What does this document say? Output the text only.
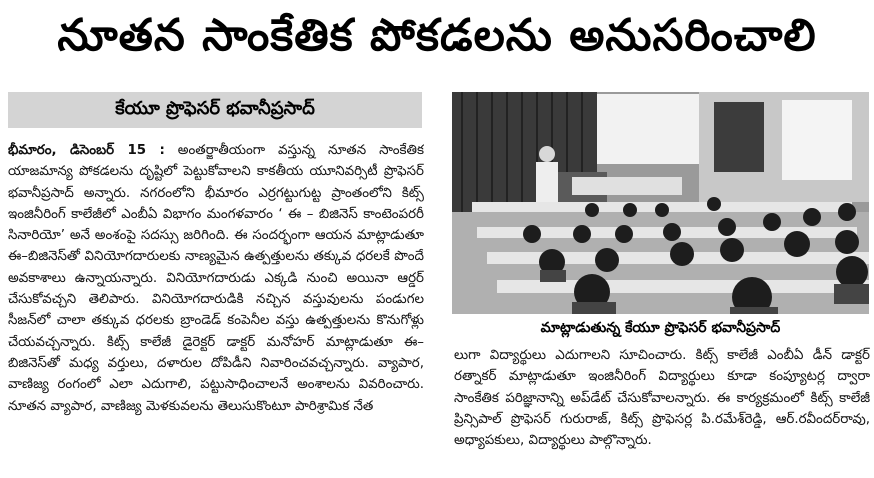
నూతన సాంకేతిక పోకడలను అనుసరించాలి
కేయూ ప్రొఫెసర్ భవానీప్రసాద్

భీమారం, డిసెంబర్ 15 : అంతర్జాతీయంగా వస్తున్న నూతన సాంకేతిక యాజమాన్య పోకడలను దృష్టిలో పెట్టుకోవాలని కాకతీయ యూనివర్సిటీ ప్రొఫెసర్ భవానీప్రసాద్ అన్నారు. నగరంలోని భీమారం ఎర్రగట్టుగుట్ట ప్రాంతంలోని కిట్స్ ఇంజినీరింగ్ కాలేజీలో ఎంబీఏ విభాగం మంగళవారం ‘ ఈ – బిజినెస్ కాంటెంపరరీ సినారియో’ అనే అంశంపై సదస్సు జరిగింది. ఈ సందర్భంగా ఆయన మాట్లాడుతూ ఈ–బిజినెస్‌తో వినియోగదారులకు నాణ్యమైన ఉత్పత్తులను తక్కువ ధరలకే పొందే అవకాశాలు ఉన్నాయన్నారు. వినియోగదారుడు ఎక్కడి నుంచి అయినా ఆర్డర్ చేసుకోవచ్చని తెలిపారు. వినియోగదారుడికి నచ్చిన వస్తువులను పండుగల సీజన్‌లో చాలా తక్కువ ధరలకు బ్రాండెడ్ కంపెనీల వస్తు ఉత్పత్తులను కొనుగోళ్లు చేయవచ్చన్నారు. కిట్స్ కాలేజీ డైరెక్టర్ డాక్టర్ మనోహర్ మాట్లాడుతూ ఈ– బిజినెస్‌తో మధ్య వర్తులు, దళారుల దోపిడీని నివారించవచ్చన్నారు. వ్యాపార, వాణిజ్య రంగంలో ఎలా ఎదుగాలి, పట్టుసాధించాలనే అంశాలను వివరించారు. నూతన వ్యాపార, వాణిజ్య మెళకువలను తెలుసుకొంటూ పారిశ్రామిక నేత

మాట్లాడుతున్న కేయూ ప్రొఫెసర్ భవానీప్రసాద్

లుగా విద్యార్థులు ఎదుగాలని సూచించారు. కిట్స్ కాలేజీ ఎంబీఏ డీన్ డాక్టర్ రత్నాకర్ మాట్లాడుతూ ఇంజినీరింగ్ విద్యార్థులు కూడా కంప్యూటర్ల ద్వారా సాంకేతిక పరిజ్ఞానాన్ని అప్‌డేట్ చేసుకోవాలన్నారు. ఈ కార్యక్రమంలో కిట్స్ కాలేజీ ప్రిన్సిపాల్ ప్రొఫెసర్ గురురాజ్, కిట్స్ ప్రొఫెసర్ల పి.రమేశ్‌రెడ్డి, ఆర్.రవీందర్‌రావు, అధ్యాపకులు, విద్యార్థులు పాల్గొన్నారు.
